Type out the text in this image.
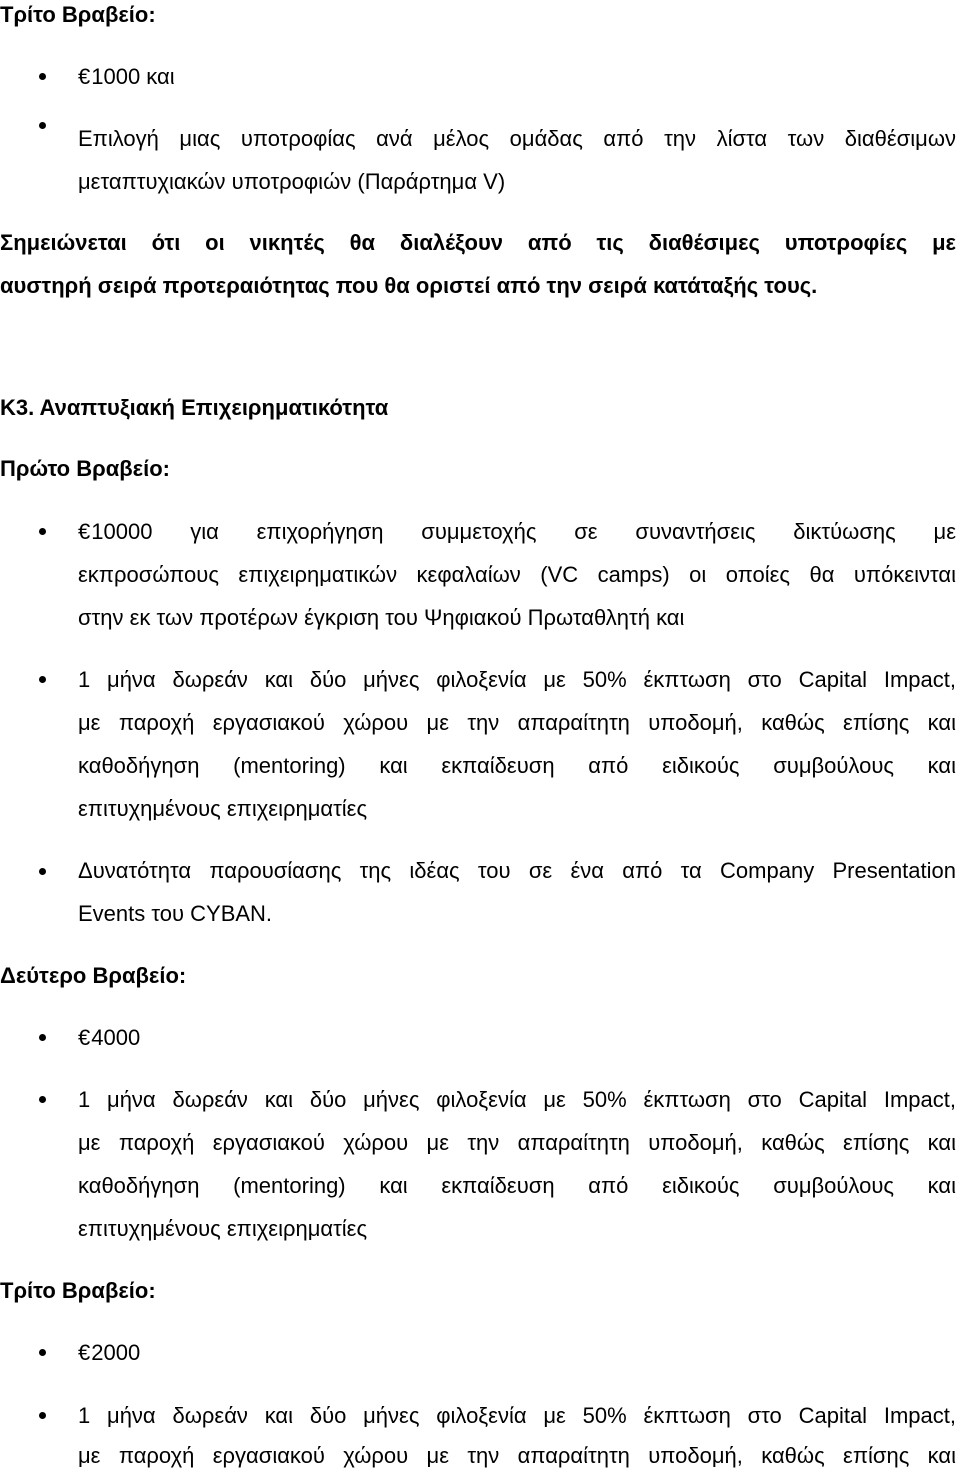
Τρίτο Βραβείο:
€1000 και
Επιλογή μιας υποτροφίας ανά μέλος ομάδας από την λίστα των διαθέσιμων
μεταπτυχιακών υποτροφιών (Παράρτημα V)
Σημειώνεται ότι οι νικητές θα διαλέξουν από τις διαθέσιμες υποτροφίες με
αυστηρή σειρά προτεραιότητας που θα οριστεί από την σειρά κατάταξής τους.
Κ3. Αναπτυξιακή Επιχειρηματικότητα
Πρώτο Βραβείο:
€10000 για επιχορήγηση συμμετοχής σε συναντήσεις δικτύωσης με
εκπροσώπους επιχειρηματικών κεφαλαίων (VC camps) οι οποίες θα υπόκεινται
στην εκ των προτέρων έγκριση του Ψηφιακού Πρωταθλητή και
1 μήνα δωρεάν και δύο μήνες φιλοξενία με 50% έκπτωση στο Capital Impact,
με παροχή εργασιακού χώρου με την απαραίτητη υποδομή, καθώς επίσης και
καθοδήγηση (mentoring) και εκπαίδευση από ειδικούς συμβούλους και
επιτυχημένους επιχειρηματίες
Δυνατότητα παρουσίασης της ιδέας του σε ένα από τα Company Presentation
Events του CYBAN.
Δεύτερο Βραβείο:
€4000
1 μήνα δωρεάν και δύο μήνες φιλοξενία με 50% έκπτωση στο Capital Impact,
με παροχή εργασιακού χώρου με την απαραίτητη υποδομή, καθώς επίσης και
καθοδήγηση (mentoring) και εκπαίδευση από ειδικούς συμβούλους και
επιτυχημένους επιχειρηματίες
Τρίτο Βραβείο:
€2000
1 μήνα δωρεάν και δύο μήνες φιλοξενία με 50% έκπτωση στο Capital Impact,
με παροχή εργασιακού χώρου με την απαραίτητη υποδομή, καθώς επίσης και
